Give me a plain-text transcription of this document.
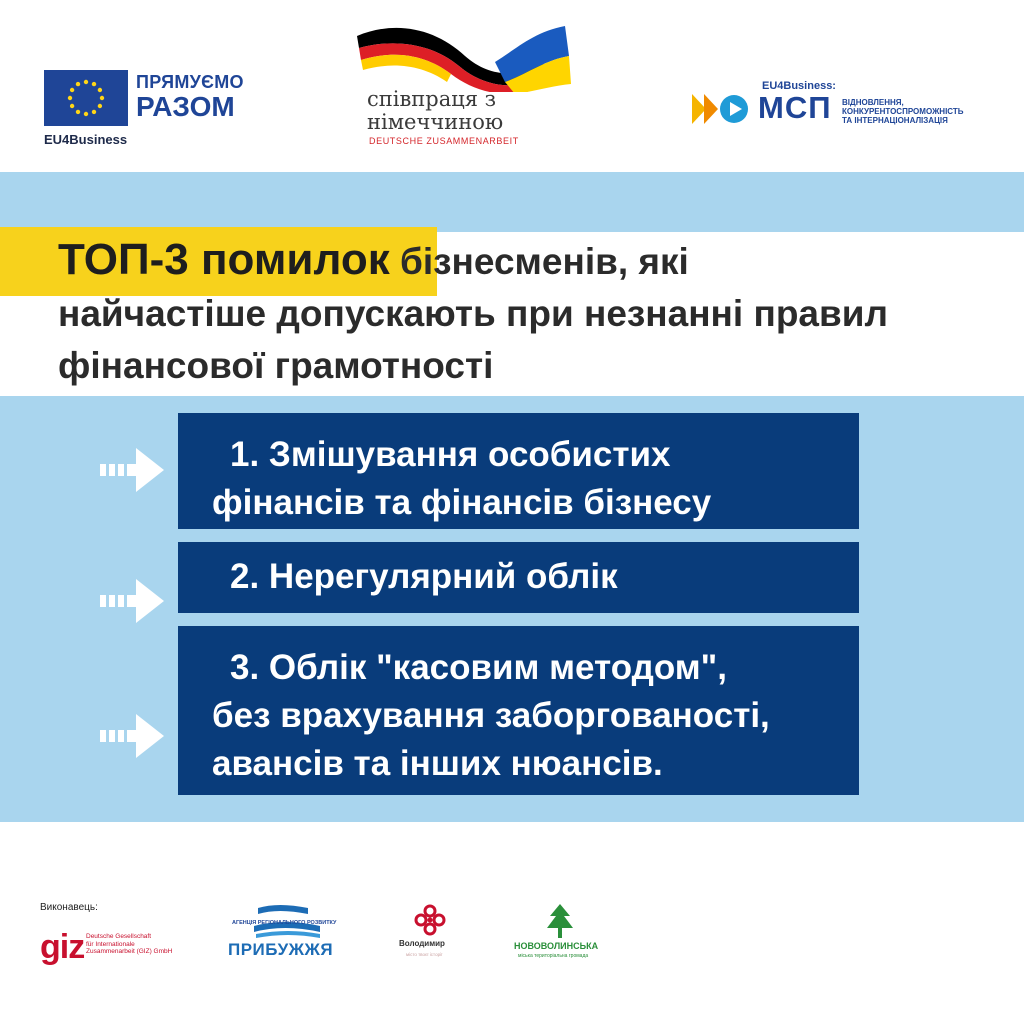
ПРЯМУЄМО
РАЗОМ
EU4Business
співпраця з
німеччиною
DEUTSCHE ZUSAMMENARBEIT
EU4Business:
МСП ВІДНОВЛЕННЯ,
КОНКУРЕНТОСПРОМОЖНІСТЬ
ТА ІНТЕРНАЦІОНАЛІЗАЦІЯ
ТОП-3 помилок бізнесменів, які
найчастіше допускають при незнанні правил
фінансової грамотності
1. Змішування особистих
фінансів та фінансів бізнесу
2. Нерегулярний облік
3. Облік "касовим методом",
без врахування заборгованості,
авансів та інших нюансів.
Виконавець:
giz Deutsche Gesellschaft
für Internationale
Zusammenarbeit (GIZ) GmbH
АГЕНЦІЯ РЕГІОНАЛЬНОГО РОЗВИТКУ
ПРИБУЖЖЯ	Володимир
місто твоєї історії
НОВОВОЛИНСЬКА
міська територіальна громада
